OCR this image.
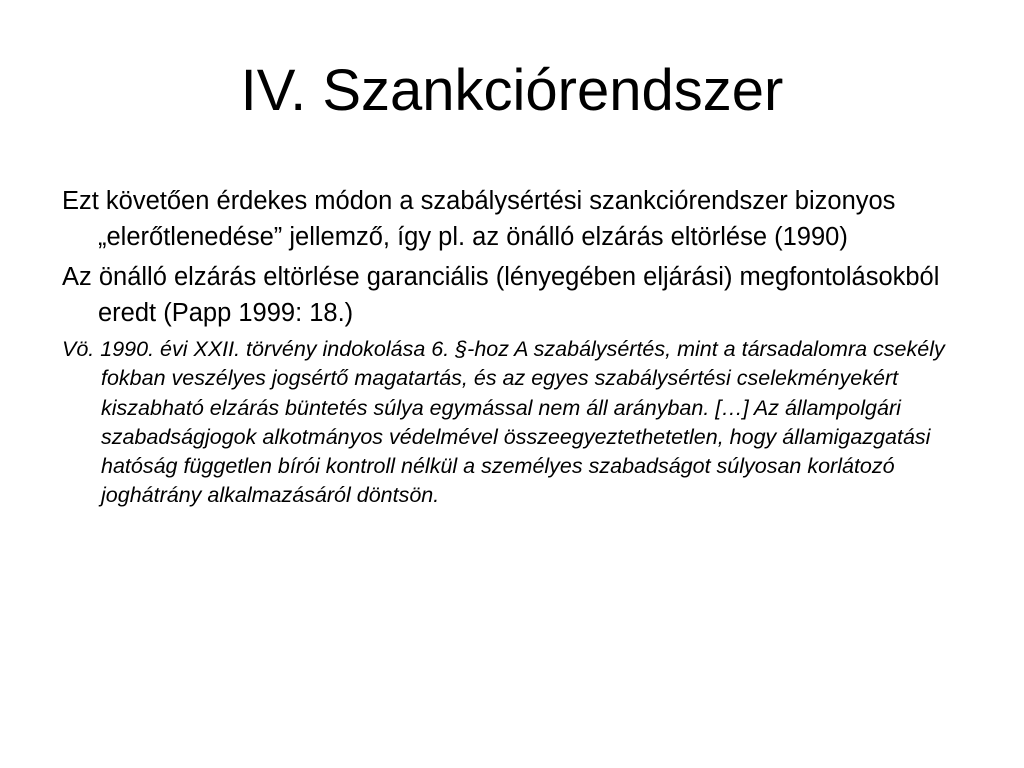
IV. Szankciórendszer

Ezt követően érdekes módon a szabálysértési szankciórendszer bizonyos „elerőtlenedése” jellemző, így pl. az önálló elzárás eltörlése (1990)

Az önálló elzárás eltörlése garanciális (lényegében eljárási) megfontolásokból eredt (Papp 1999: 18.)

Vö. 1990. évi XXII. törvény indokolása 6. §-hoz A szabálysértés, mint a társadalomra csekély fokban veszélyes jogsértő magatartás, és az egyes szabálysértési cselekményekért kiszabható elzárás büntetés súlya egymással nem áll arányban. […] Az állampolgári szabadságjogok alkotmányos védelmével összeegyeztethetetlen, hogy államigazgatási hatóság független bírói kontroll nélkül a személyes szabadságot súlyosan korlátozó joghátrány alkalmazásáról döntsön.
